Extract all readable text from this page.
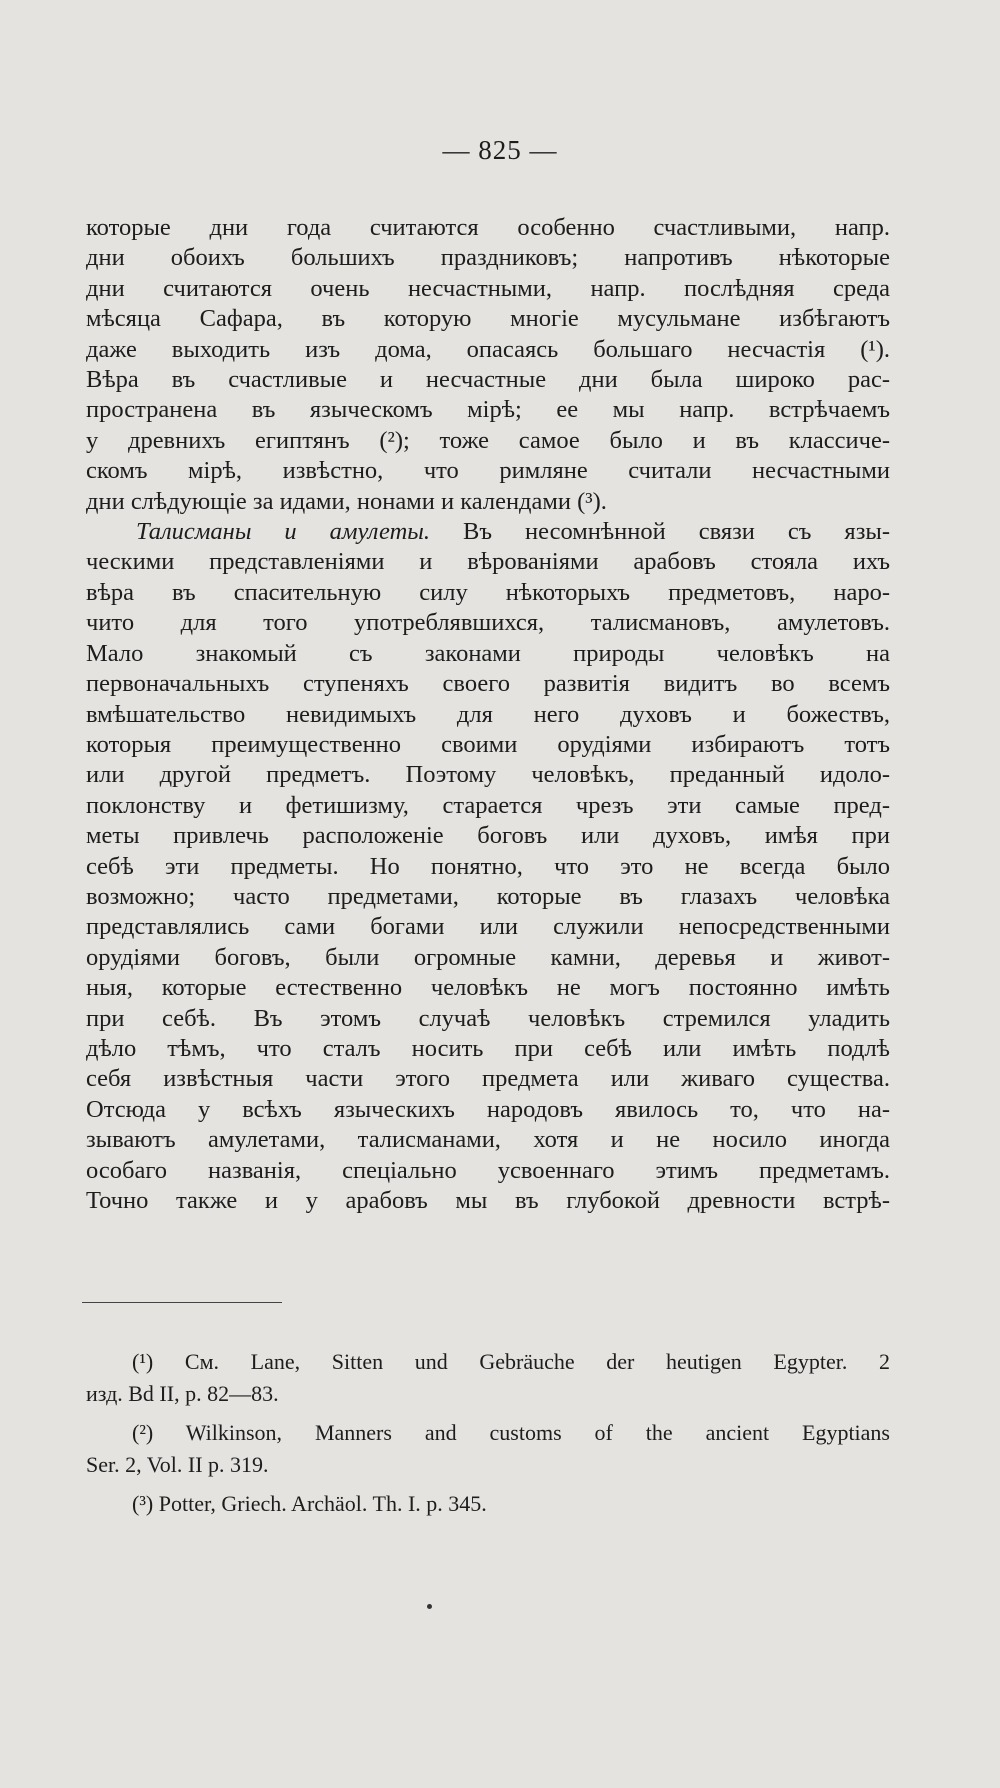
— 825 —
которые дни года считаются особенно счастливыми, напр.
дни обоихъ большихъ праздниковъ; напротивъ нѣкоторые
дни считаются очень несчастными, напр. послѣдняя среда
мѣсяца Сафара, въ которую многіе мусульмане избѣгаютъ
даже выходить изъ дома, опасаясь большаго несчастія (¹).
Вѣра въ счастливые и несчастные дни была широко рас-
пространена въ языческомъ мірѣ; ее мы напр. встрѣчаемъ
у древнихъ египтянъ (²); тоже самое было и въ классиче-
скомъ мірѣ, извѣстно, что римляне считали несчастными
дни слѣдующіе за идами, нонами и календами (³).
Талисманы и амулеты. Въ несомнѣнной связи съ язы-
ческими представленіями и вѣрованіями арабовъ стояла ихъ
вѣра въ спасительную силу нѣкоторыхъ предметовъ, наро-
чито для того употреблявшихся, талисмановъ, амулетовъ.
Мало знакомый съ законами природы человѣкъ на
первоначальныхъ ступеняхъ своего развитія видитъ во всемъ
вмѣшательство невидимыхъ для него духовъ и божествъ,
которыя преимущественно своими орудіями избираютъ тотъ
или другой предметъ. Поэтому человѣкъ, преданный идоло-
поклонству и фетишизму, старается чрезъ эти самые пред-
меты привлечь расположеніе боговъ или духовъ, имѣя при
себѣ эти предметы. Но понятно, что это не всегда было
возможно; часто предметами, которые въ глазахъ человѣка
представлялись сами богами или служили непосредственными
орудіями боговъ, были огромные камни, деревья и живот-
ныя, которые естественно человѣкъ не могъ постоянно имѣть
при себѣ. Въ этомъ случаѣ человѣкъ стремился уладить
дѣло тѣмъ, что сталъ носить при себѣ или имѣть подлѣ
себя извѣстныя части этого предмета или живаго существа.
Отсюда у всѣхъ языческихъ народовъ явилось то, что на-
зываютъ амулетами, талисманами, хотя и не носило иногда
особаго названія, спеціально усвоеннаго этимъ предметамъ.
Точно также и у арабовъ мы въ глубокой древности встрѣ-
(¹) См. Lane, Sitten und Gebräuche der heutigen Egypter. 2
изд. Bd II, p. 82—83.
(²) Wilkinson, Manners and customs of the ancient Egyptians
Ser. 2, Vol. II p. 319.
(³) Potter, Griech. Archäol. Th. I. p. 345.
